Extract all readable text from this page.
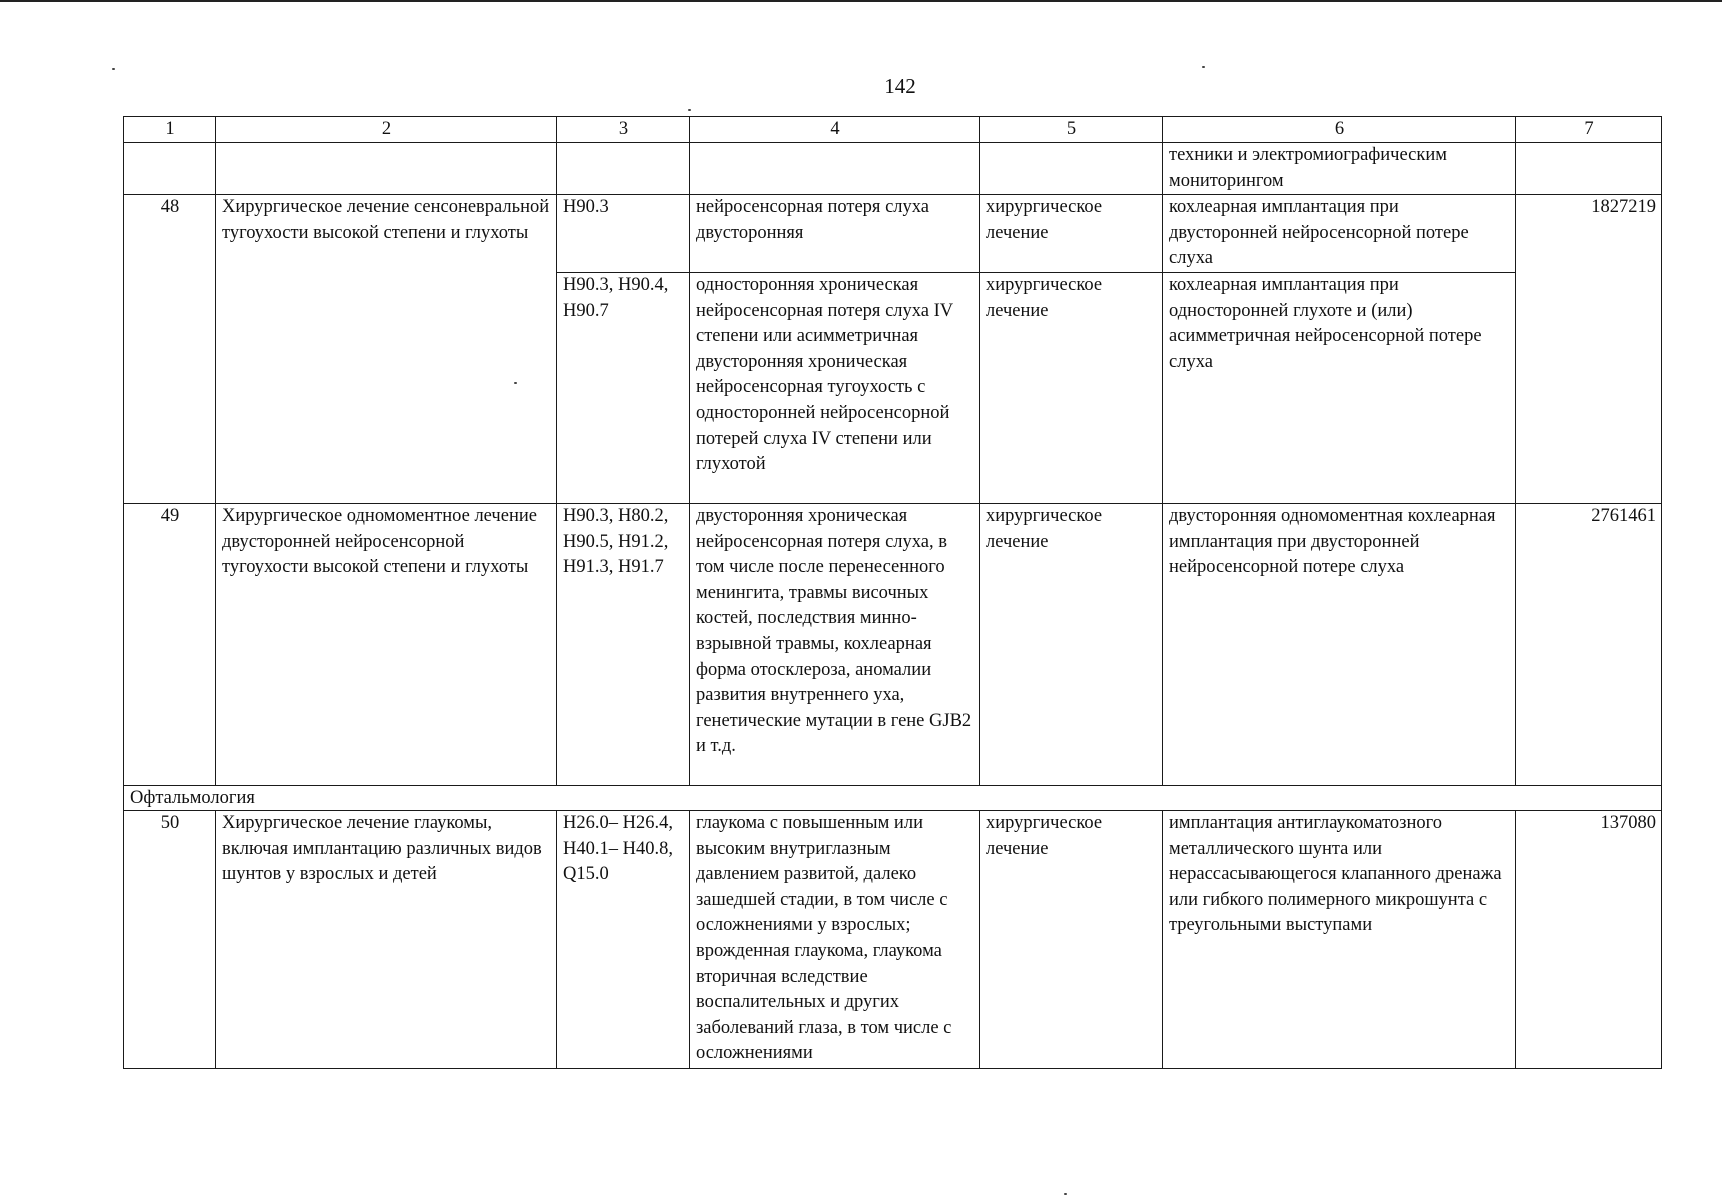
142
1	2	3	4	5	6	7
					техники и электромиографическим мониторингом	
48	Хирургическое лечение сенсоневральной тугоухости высокой степени и глухоты	H90.3	нейросенсорная потеря слуха двусторонняя	хирургическое лечение	кохлеарная имплантация при двусторонней нейросенсорной потере слуха	1827219
		H90.3, H90.4, H90.7	односторонняя хроническая нейросенсорная потеря слуха IV степени или асимметричная двусторонняя хроническая нейросенсорная тугоухость с односторонней нейросенсорной потерей слуха IV степени или глухотой	хирургическое лечение	кохлеарная имплантация при односторонней глухоте и (или) асимметричная нейросенсорной потере слуха	
49	Хирургическое одномоментное лечение двусторонней нейросенсорной тугоухости высокой степени и глухоты	H90.3, H80.2, H90.5, H91.2, H91.3, H91.7	двусторонняя хроническая нейросенсорная потеря слуха, в том числе после перенесенного менингита, травмы височных костей, последствия минно-взрывной травмы, кохлеарная форма отосклероза, аномалии развития внутреннего уха, генетические мутации в гене GJB2 и т.д.	хирургическое лечение	двусторонняя одномоментная кохлеарная имплантация при двусторонней нейросенсорной потере слуха	2761461
Офтальмология						
50	Хирургическое лечение глаукомы, включая имплантацию различных видов шунтов у взрослых и детей	H26.0– H26.4, H40.1– H40.8, Q15.0	глаукома с повышенным или высоким внутриглазным давлением развитой, далеко зашедшей стадии, в том числе с осложнениями у взрослых; врожденная глаукома, глаукома вторичная вследствие воспалительных и других заболеваний глаза, в том числе с осложнениями	хирургическое лечение	имплантация антиглаукоматозного металлического шунта или нерассасывающегося клапанного дренажа или гибкого полимерного микрошунта с треугольными выступами	137080
